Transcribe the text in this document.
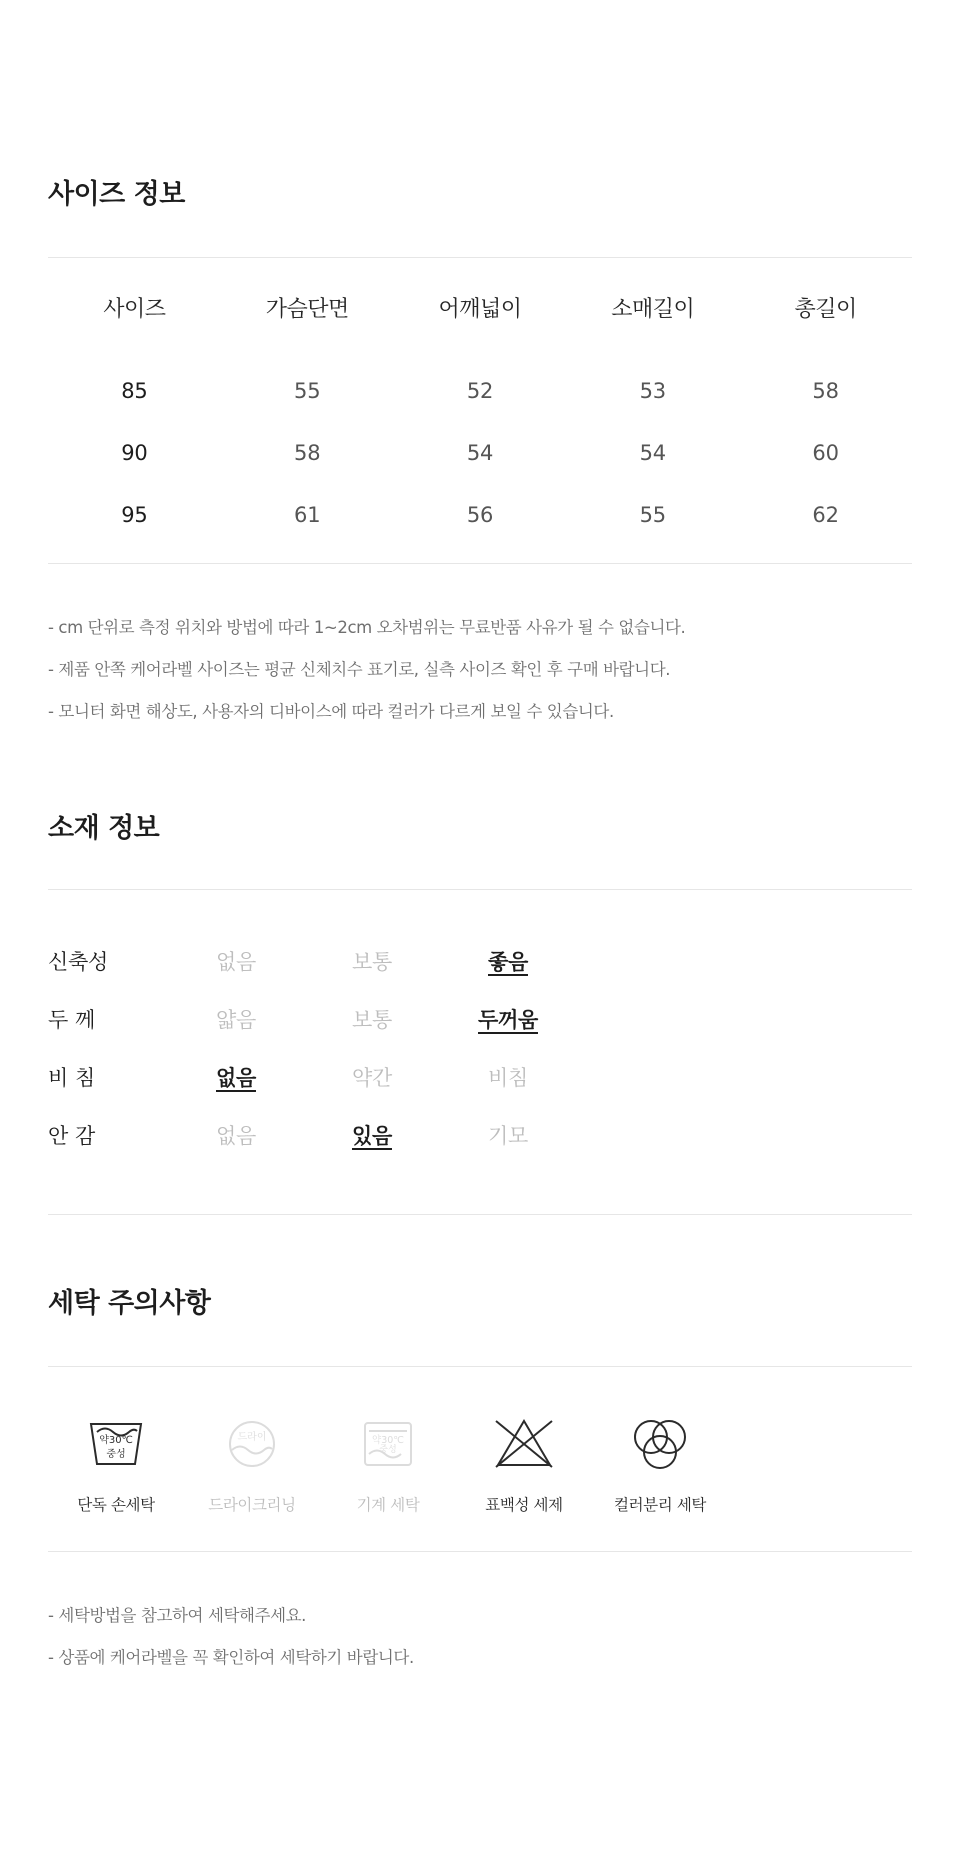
사이즈 정보
사이즈	가슴단면	어깨넓이	소매길이	총길이
85	55	52	53	58
90	58	54	54	60
95	61	56	55	62

- cm 단위로 측정 위치와 방법에 따라 1~2cm 오차범위는 무료반품 사유가 될 수 없습니다.

- 제품 안쪽 케어라벨 사이즈는 평균 신체치수 표기로, 실측 사이즈 확인 후 구매 바랍니다.

- 모니터 화면 해상도, 사용자의 디바이스에 따라 컬러가 다르게 보일 수 있습니다.

소재 정보
신축성	없음	보통	좋음
두 께	얇음	보통	두꺼움
비 침	없음	약간	비침
안 감	없음	있음	기모
세탁 주의사항
약30℃
중성
단독 손세탁
드라이
드라이크리닝
약30℃
중성
기계 세탁	표백성 세제	컬러분리 세탁

- 세탁방법을 참고하여 세탁해주세요.

- 상품에 케어라벨을 꼭 확인하여 세탁하기 바랍니다.
